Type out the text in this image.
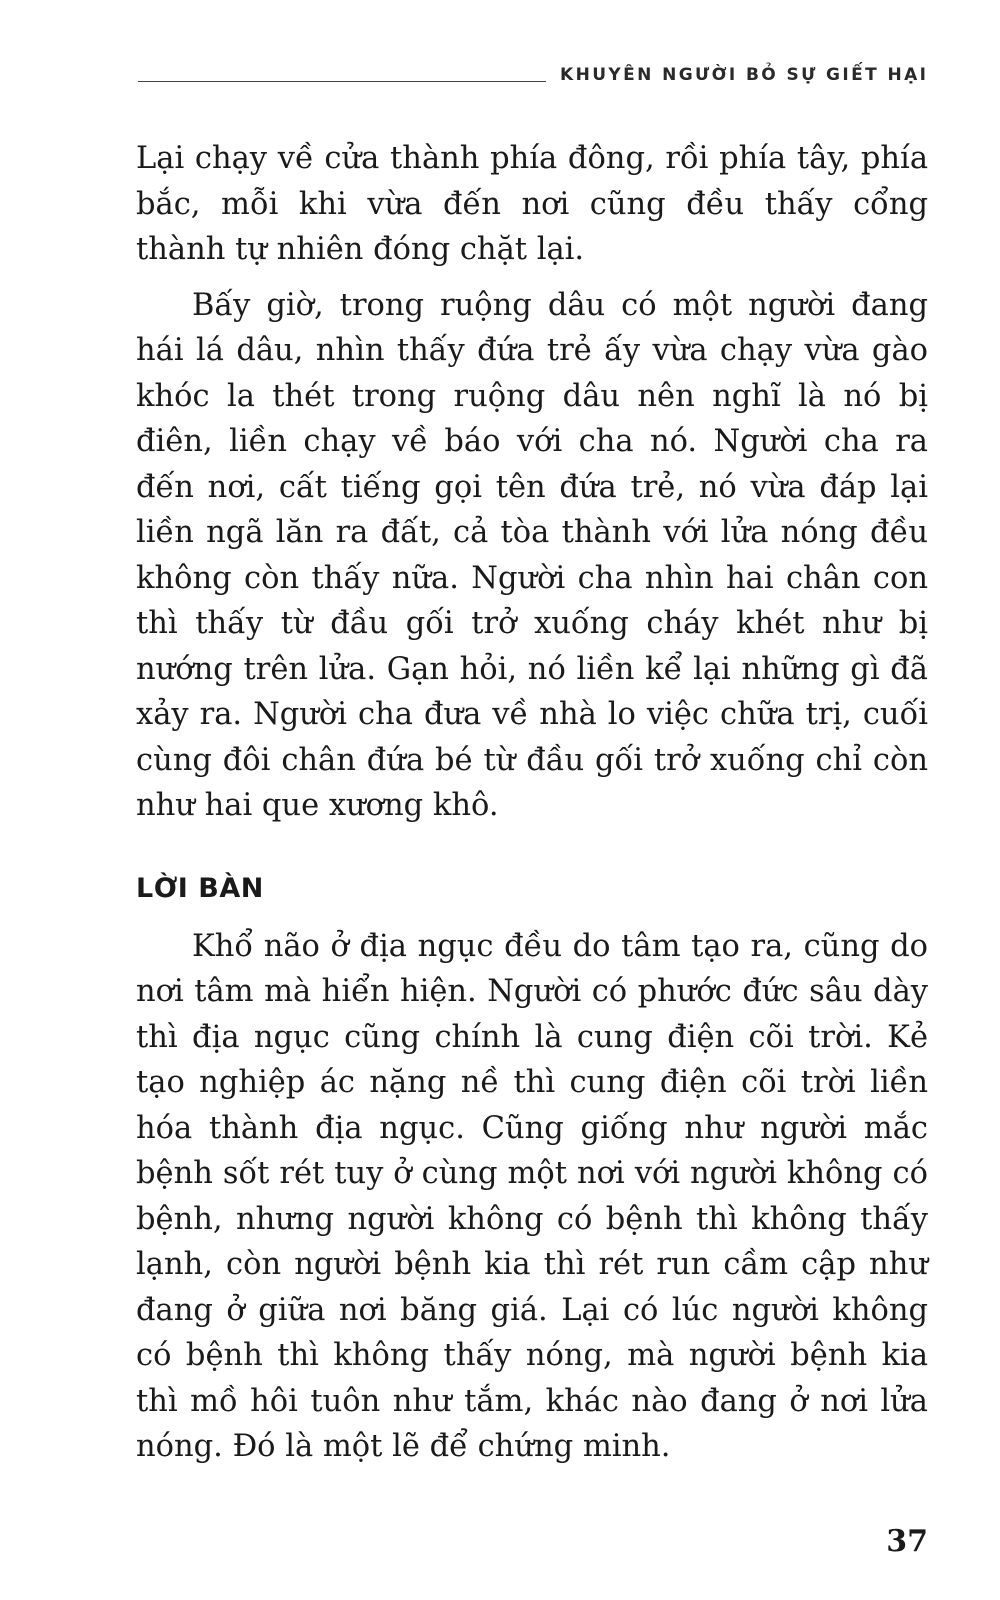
KHUYÊN NGƯỜI BỎ SỰ GIẾT HẠI

Lại chạy về cửa thành phía đông, rồi phía tây, phía bắc, mỗi khi vừa đến nơi cũng đều thấy cổng thành tự nhiên đóng chặt lại.

Bấy giờ, trong ruộng dâu có một người đang hái lá dâu, nhìn thấy đứa trẻ ấy vừa chạy vừa gào khóc la thét trong ruộng dâu nên nghĩ là nó bị điên, liền chạy về báo với cha nó. Người cha ra đến nơi, cất tiếng gọi tên đứa trẻ, nó vừa đáp lại liền ngã lăn ra đất, cả tòa thành với lửa nóng đều không còn thấy nữa. Người cha nhìn hai chân con thì thấy từ đầu gối trở xuống cháy khét như bị nướng trên lửa. Gạn hỏi, nó liền kể lại những gì đã xảy ra. Người cha đưa về nhà lo việc chữa trị, cuối cùng đôi chân đứa bé từ đầu gối trở xuống chỉ còn như hai que xương khô.

LỜI BÀN

Khổ não ở địa ngục đều do tâm tạo ra, cũng do nơi tâm mà hiển hiện. Người có phước đức sâu dày thì địa ngục cũng chính là cung điện cõi trời. Kẻ tạo nghiệp ác nặng nề thì cung điện cõi trời liền hóa thành địa ngục. Cũng giống như người mắc bệnh sốt rét tuy ở cùng một nơi với người không có bệnh, nhưng người không có bệnh thì không thấy lạnh, còn người bệnh kia thì rét run cầm cập như đang ở giữa nơi băng giá. Lại có lúc người không có bệnh thì không thấy nóng, mà người bệnh kia thì mồ hôi tuôn như tắm, khác nào đang ở nơi lửa nóng. Đó là một lẽ để chứng minh.

37
